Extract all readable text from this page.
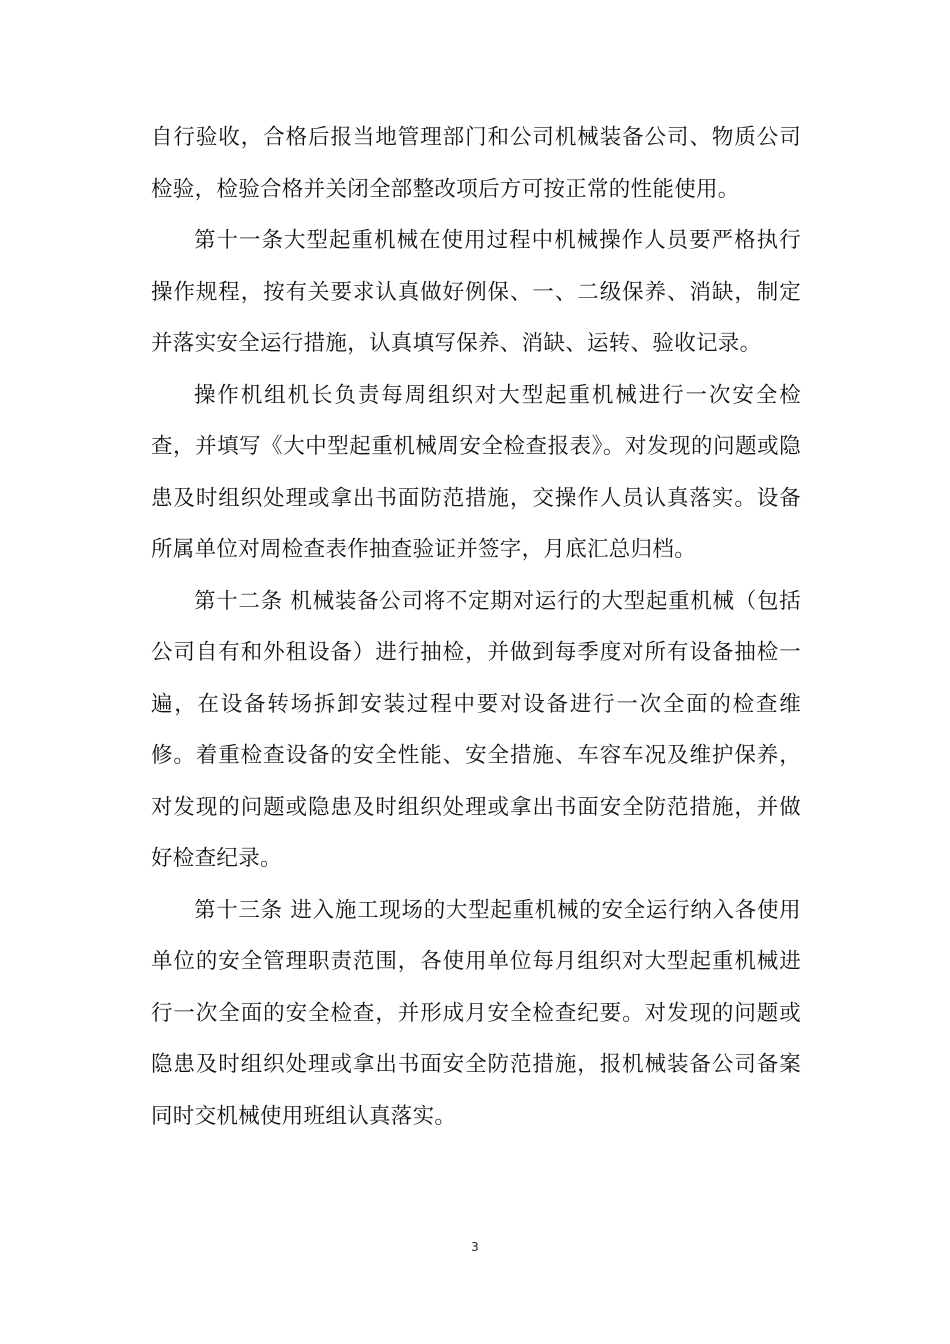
自行验收，合格后报当地管理部门和公司机械装备公司、物质公司检验，检验合格并关闭全部整改项后方可按正常的性能使用。

第十一条大型起重机械在使用过程中机械操作人员要严格执行操作规程，按有关要求认真做好例保、一、二级保养、消缺，制定并落实安全运行措施，认真填写保养、消缺、运转、验收记录。

操作机组机长负责每周组织对大型起重机械进行一次安全检查，并填写《大中型起重机械周安全检查报表》。对发现的问题或隐患及时组织处理或拿出书面防范措施，交操作人员认真落实。设备所属单位对周检查表作抽查验证并签字，月底汇总归档。

第十二条 机械装备公司将不定期对运行的大型起重机械（包括公司自有和外租设备）进行抽检，并做到每季度对所有设备抽检一遍，在设备转场拆卸安装过程中要对设备进行一次全面的检查维修。着重检查设备的安全性能、安全措施、车容车况及维护保养，对发现的问题或隐患及时组织处理或拿出书面安全防范措施，并做好检查纪录。

第十三条 进入施工现场的大型起重机械的安全运行纳入各使用单位的安全管理职责范围，各使用单位每月组织对大型起重机械进行一次全面的安全检查，并形成月安全检查纪要。对发现的问题或隐患及时组织处理或拿出书面安全防范措施，报机械装备公司备案同时交机械使用班组认真落实。

3
